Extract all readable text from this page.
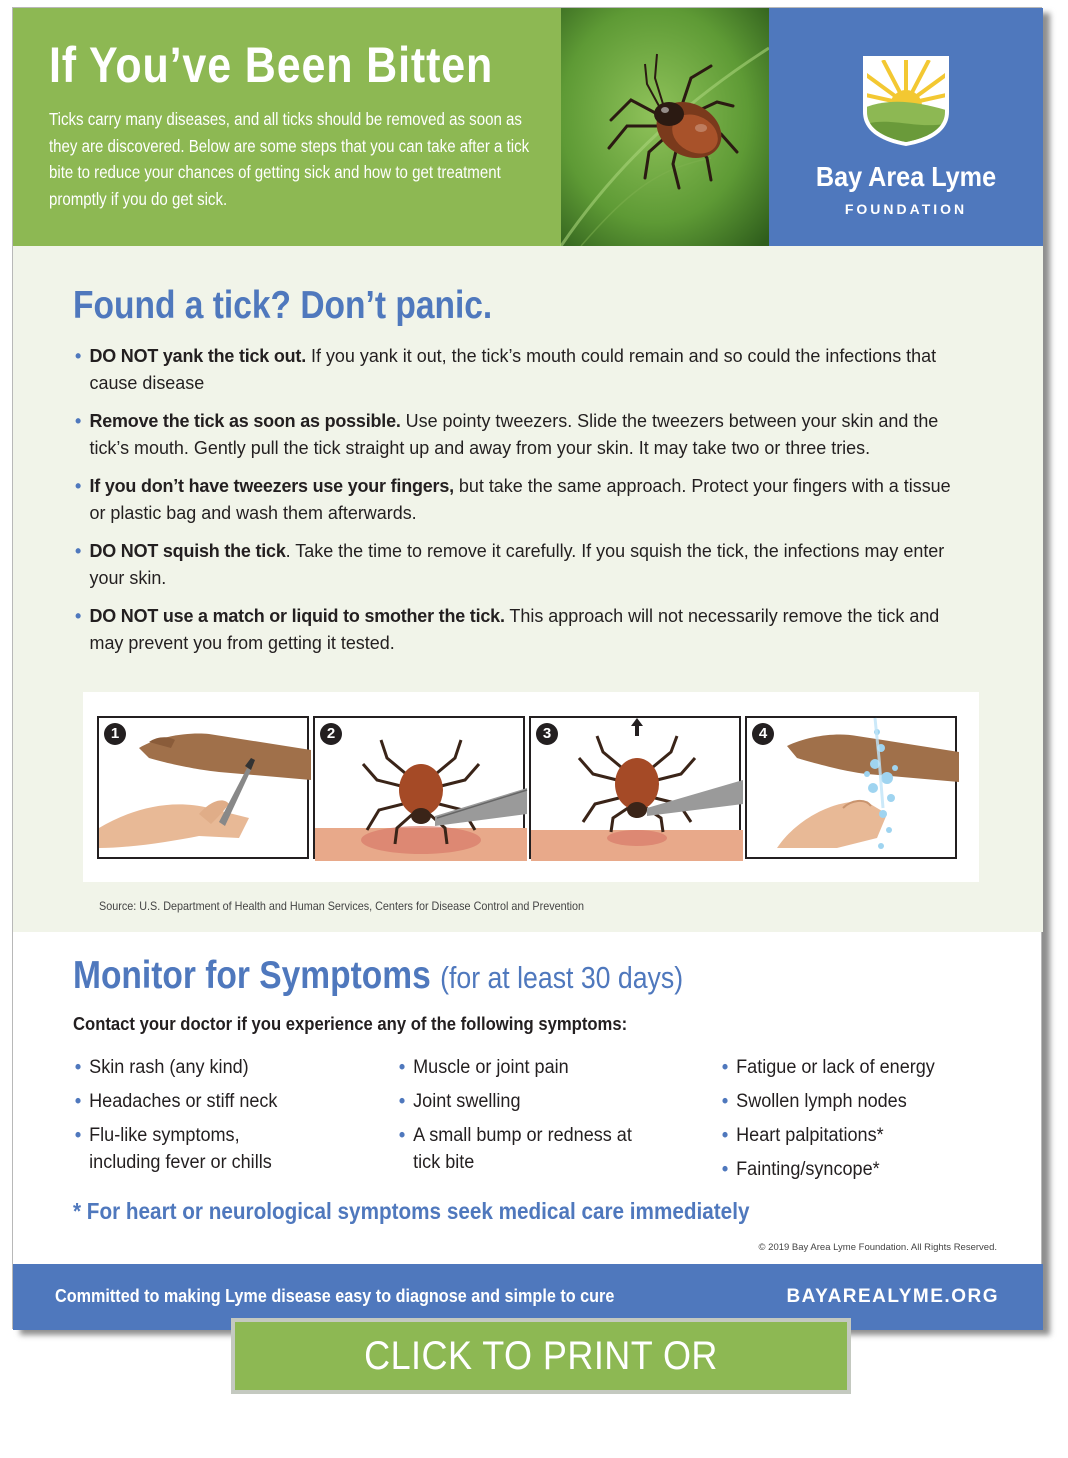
If You’ve Been Bitten
Ticks carry many diseases, and all ticks should be removed as soon as they are discovered. Below are some steps that you can take after a tick bite to reduce your chances of getting sick and how to get treatment promptly if you do get sick.
Bay Area Lyme
FOUNDATION
Found a tick? Don’t panic.
• DO NOT yank the tick out. If you yank it out, the tick’s mouth could remain and so could the infections that cause disease
• Remove the tick as soon as possible. Use pointy tweezers. Slide the tweezers between your skin and the tick’s mouth. Gently pull the tick straight up and away from your skin. It may take two or three tries.
• If you don’t have tweezers use your fingers, but take the same approach. Protect your fingers with a tissue or plastic bag and wash them afterwards.
• DO NOT squish the tick. Take the time to remove it carefully. If you squish the tick, the infections may enter your skin.
• DO NOT use a match or liquid to smother the tick. This approach will not necessarily remove the tick and may prevent you from getting it tested.
1	2	3	4
Source: U.S. Department of Health and Human Services, Centers for Disease Control and Prevention
Monitor for Symptoms (for at least 30 days)
Contact your doctor if you experience any of the following symptoms:
• Skin rash (any kind)
• Headaches or stiff neck
• Flu-like symptoms, including fever or chills
• Muscle or joint pain
• Joint swelling
• A small bump or redness at tick bite
• Fatigue or lack of energy
• Swollen lymph nodes
• Heart palpitations*
• Fainting/syncope*
* For heart or neurological symptoms seek medical care immediately
© 2019 Bay Area Lyme Foundation. All Rights Reserved.
Committed to making Lyme disease easy to diagnose and simple to cure	BAYAREALYME.ORG
CLICK TO PRINT OR DOWNLOAD
